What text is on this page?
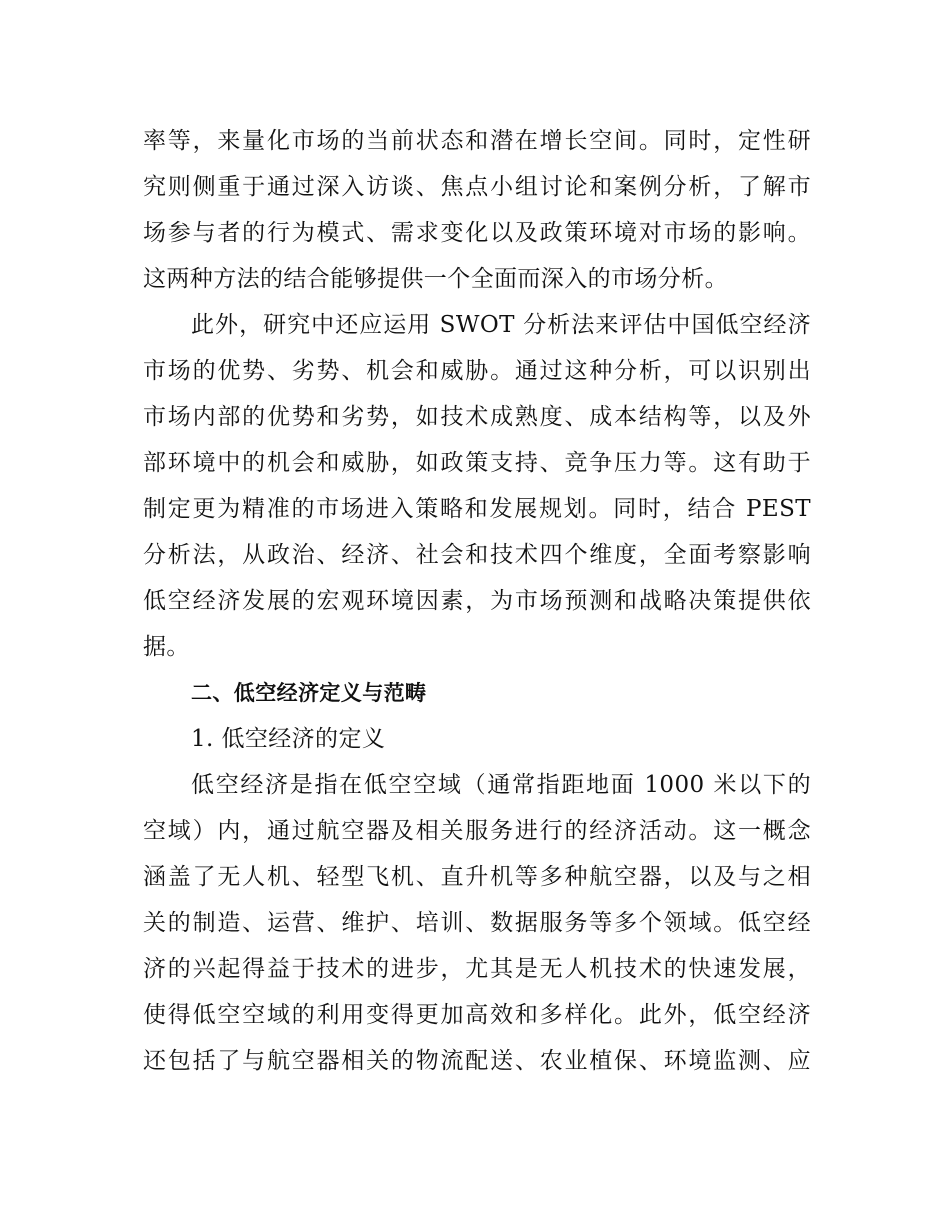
率等，来量化市场的当前状态和潜在增长空间。同时，定性研
究则侧重于通过深入访谈、焦点小组讨论和案例分析，了解市
场参与者的行为模式、需求变化以及政策环境对市场的影响。
这两种方法的结合能够提供一个全面而深入的市场分析。
此外，研究中还应运用 SWOT 分析法来评估中国低空经济
市场的优势、劣势、机会和威胁。通过这种分析，可以识别出
市场内部的优势和劣势，如技术成熟度、成本结构等，以及外
部环境中的机会和威胁，如政策支持、竞争压力等。这有助于
制定更为精准的市场进入策略和发展规划。同时，结合 PEST
分析法，从政治、经济、社会和技术四个维度，全面考察影响
低空经济发展的宏观环境因素，为市场预测和战略决策提供依
据。
二、低空经济定义与范畴
1. 低空经济的定义
低空经济是指在低空空域（通常指距地面 1000 米以下的
空域）内，通过航空器及相关服务进行的经济活动。这一概念
涵盖了无人机、轻型飞机、直升机等多种航空器，以及与之相
关的制造、运营、维护、培训、数据服务等多个领域。低空经
济的兴起得益于技术的进步，尤其是无人机技术的快速发展，
使得低空空域的利用变得更加高效和多样化。此外，低空经济
还包括了与航空器相关的物流配送、农业植保、环境监测、应
